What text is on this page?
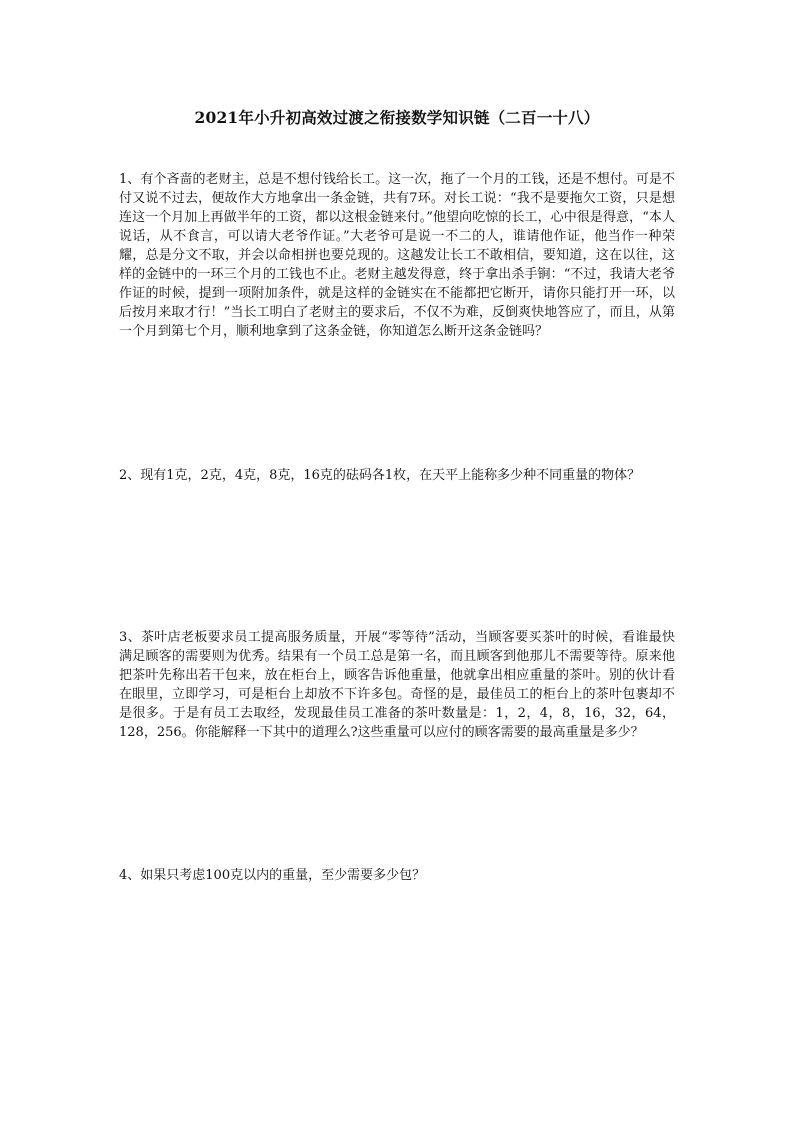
2021年小升初高效过渡之衔接数学知识链（二百一十八）

1、有个吝啬的老财主，总是不想付钱给长工。这一次，拖了一个月的工钱，还是不想付。可是不付又说不过去，便故作大方地拿出一条金链，共有7环。对长工说：“我不是要拖欠工资，只是想连这一个月加上再做半年的工资，都以这根金链来付。”他望向吃惊的长工，心中很是得意，“本人说话，从不食言，可以请大老爷作证。”大老爷可是说一不二的人，谁请他作证，他当作一种荣耀，总是分文不取，并会以命相拼也要兑现的。这越发让长工不敢相信，要知道，这在以往，这样的金链中的一环三个月的工钱也不止。老财主越发得意，终于拿出杀手锏：“不过，我请大老爷作证的时候，提到一项附加条件，就是这样的金链实在不能都把它断开，请你只能打开一环，以后按月来取才行！”当长工明白了老财主的要求后，不仅不为难，反倒爽快地答应了，而且，从第一个月到第七个月，顺利地拿到了这条金链，你知道怎么断开这条金链吗？

2、现有1克，2克，4克，8克，16克的砝码各1枚，在天平上能称多少种不同重量的物体？

3、茶叶店老板要求员工提高服务质量，开展“零等待”活动，当顾客要买茶叶的时候，看谁最快 满足顾客的需要则为优秀。结果有一个员工总是第一名，而且顾客到他那儿不需要等待。原来他把茶叶先称出若干包来，放在柜台上，顾客告诉他重量，他就拿出相应重量的茶叶。别的伙计看在眼里，立即学习，可是柜台上却放不下许多包。奇怪的是，最佳员工的柜台上的茶叶包裹却不是很多。于是有员工去取经，发现最佳员工准备的茶叶数量是：1，2，4，8，16，32，64，128，256。你能解释一下其中的道理么?这些重量可以应付的顾客需要的最高重量是多少？

4、如果只考虑100克以内的重量，至少需要多少包？
